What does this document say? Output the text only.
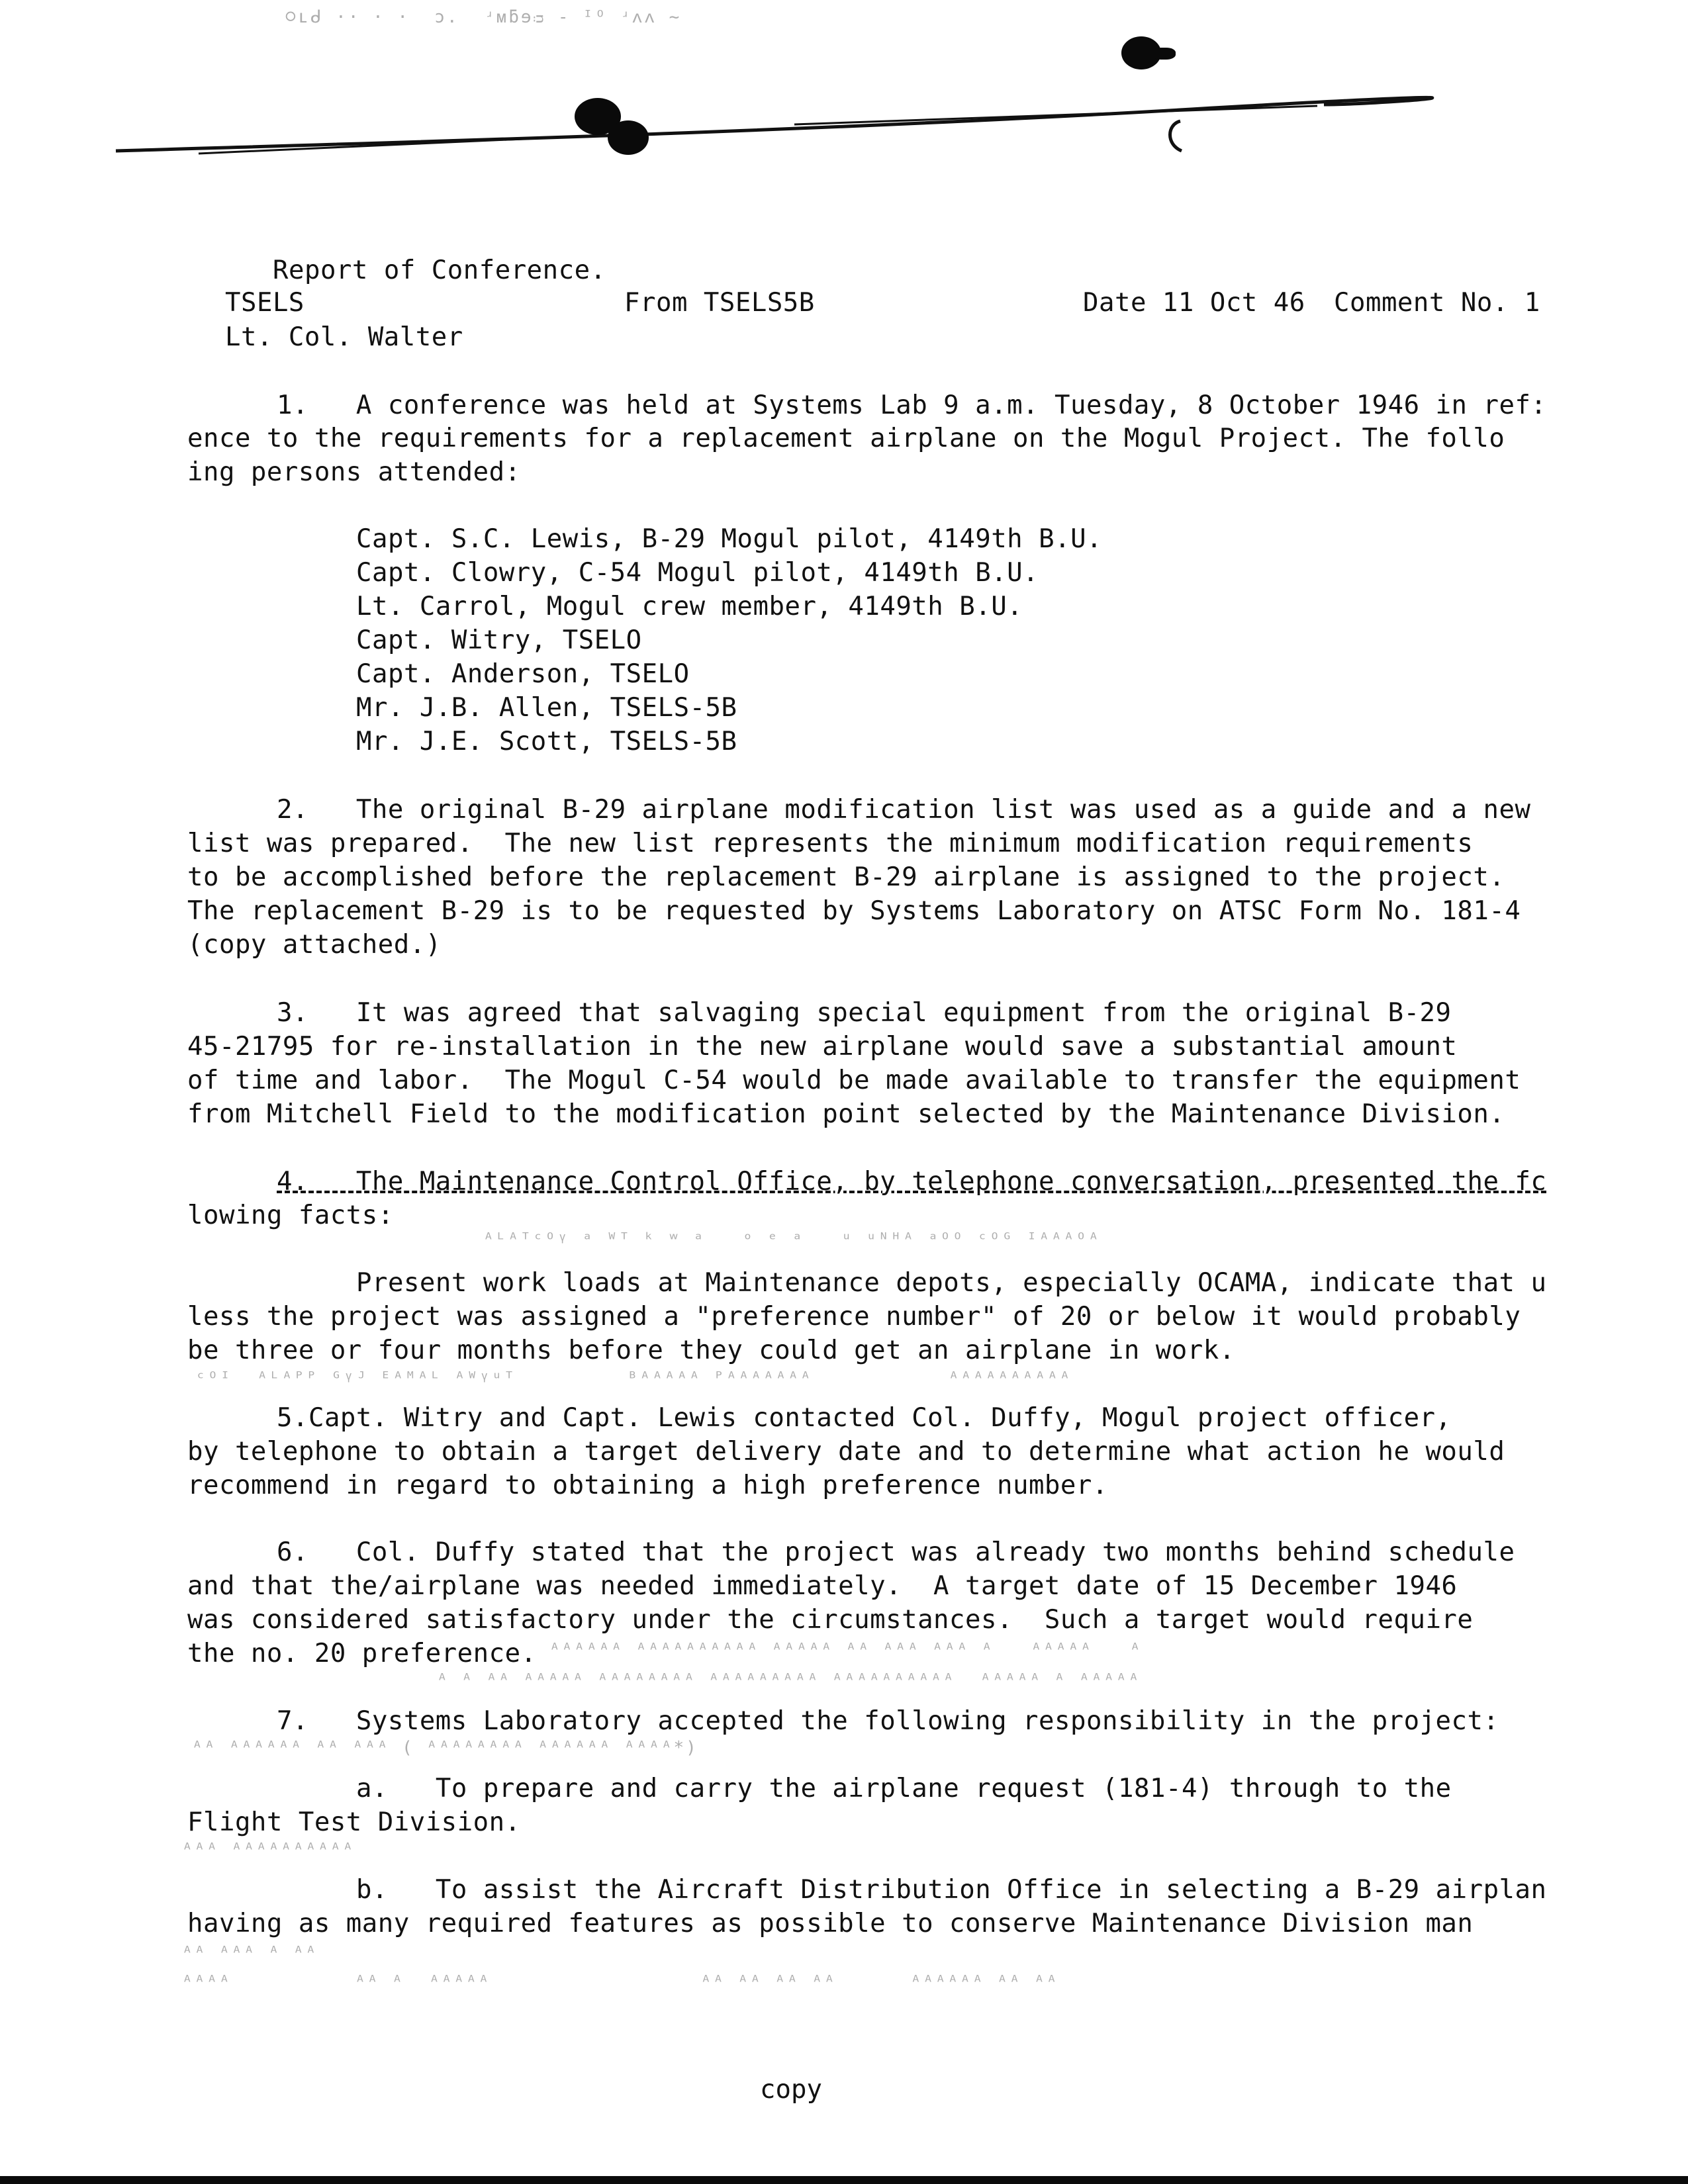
᳃ʟᑯ ·· · ·  ɔ.  ʴᴍƃɘᴞ ‐ ᴵᴼ ʴᴧᴧ ~
Report of Conference.
TSELS	From TSELS5B	Date 11 Oct 46 Comment No. 1
Lt. Col. Walter
1.   A conference was held at Systems Lab 9 a.m. Tuesday, 8 October 1946 in ref:
ence to the requirements for a replacement airplane on the Mogul Project. The follo
ing persons attended:
Capt. S.C. Lewis, B-29 Mogul pilot, 4149th B.U.
Capt. Clowry, C-54 Mogul pilot, 4149th B.U.
Lt. Carrol, Mogul crew member, 4149th B.U.
Capt. Witry, TSELO
Capt. Anderson, TSELO
Mr. J.B. Allen, TSELS-5B
Mr. J.E. Scott, TSELS-5B
2.   The original B-29 airplane modification list was used as a guide and a new
list was prepared.  The new list represents the minimum modification requirements
to be accomplished before the replacement B-29 airplane is assigned to the project.
The replacement B-29 is to be requested by Systems Laboratory on ATSC Form No. 181-4
(copy attached.)
3.   It was agreed that salvaging special equipment from the original B-29
45-21795 for re-installation in the new airplane would save a substantial amount
of time and labor.  The Mogul C-54 would be made available to transfer the equipment
from Mitchell Field to the modification point selected by the Maintenance Division.
4.   The Maintenance Control Office, by telephone conversation, presented the fc
lowing facts:
ᴬᴸᴬᵀᶜᴼᵞ ᵃ ᵂᵀ ᵏ ʷ ᵃ   ᵒ ᵉ ᵃ   ᵘ ᵘᴺᴴᴬ ᵃᴼᴼ ᶜᴼᴳ ᴵᴬᴬᴬᴼᴬ
Present work loads at Maintenance depots, especially OCAMA, indicate that u
less the project was assigned a "preference number" of 20 or below it would probably
be three or four months before they could get an airplane in work.
ᶜᴼᴵ  ᴬᴸᴬᴾᴾ ᴳᵞᴶ ᴱᴬᴹᴬᴸ ᴬᵂᵞᵘᵀ         ᴮᴬᴬᴬᴬᴬ ᴾᴬᴬᴬᴬᴬᴬᴬ           ᴬᴬᴬᴬᴬᴬᴬᴬᴬᴬ
5.Capt. Witry and Capt. Lewis contacted Col. Duffy, Mogul project officer,
by telephone to obtain a target delivery date and to determine what action he would
recommend in regard to obtaining a high preference number.
6.   Col. Duffy stated that the project was already two months behind schedule
and that the/airplane was needed immediately.  A target date of 15 December 1946
was considered satisfactory under the circumstances.  Such a target would require
the no. 20 preference. ᴬᴬᴬᴬᴬᴬ ᴬᴬᴬᴬᴬᴬᴬᴬᴬᴬ ᴬᴬᴬᴬᴬ ᴬᴬ ᴬᴬᴬ ᴬᴬᴬ ᴬ   ᴬᴬᴬᴬᴬ   ᴬ
ᴬ ᴬ ᴬᴬ ᴬᴬᴬᴬᴬ ᴬᴬᴬᴬᴬᴬᴬᴬ ᴬᴬᴬᴬᴬᴬᴬᴬᴬ ᴬᴬᴬᴬᴬᴬᴬᴬᴬᴬ  ᴬᴬᴬᴬᴬ ᴬ ᴬᴬᴬᴬᴬ
7.   Systems Laboratory accepted the following responsibility in the project:
ᴬᴬ ᴬᴬᴬᴬᴬᴬ ᴬᴬ ᴬᴬᴬ ( ᴬᴬᴬᴬᴬᴬᴬᴬ ᴬᴬᴬᴬᴬᴬ ᴬᴬᴬᴬ*)
a.   To prepare and carry the airplane request (181-4) through to the
Flight Test Division.
ᴬᴬᴬ ᴬᴬᴬᴬᴬᴬᴬᴬᴬᴬ
b.   To assist the Aircraft Distribution Office in selecting a B-29 airplan
having as many required features as possible to conserve Maintenance Division man
ᴬᴬ ᴬᴬᴬ ᴬ ᴬᴬ
ᴬᴬᴬᴬ          ᴬᴬ ᴬ  ᴬᴬᴬᴬᴬ                 ᴬᴬ ᴬᴬ ᴬᴬ ᴬᴬ      ᴬᴬᴬᴬᴬᴬ ᴬᴬ ᴬᴬ
copy
